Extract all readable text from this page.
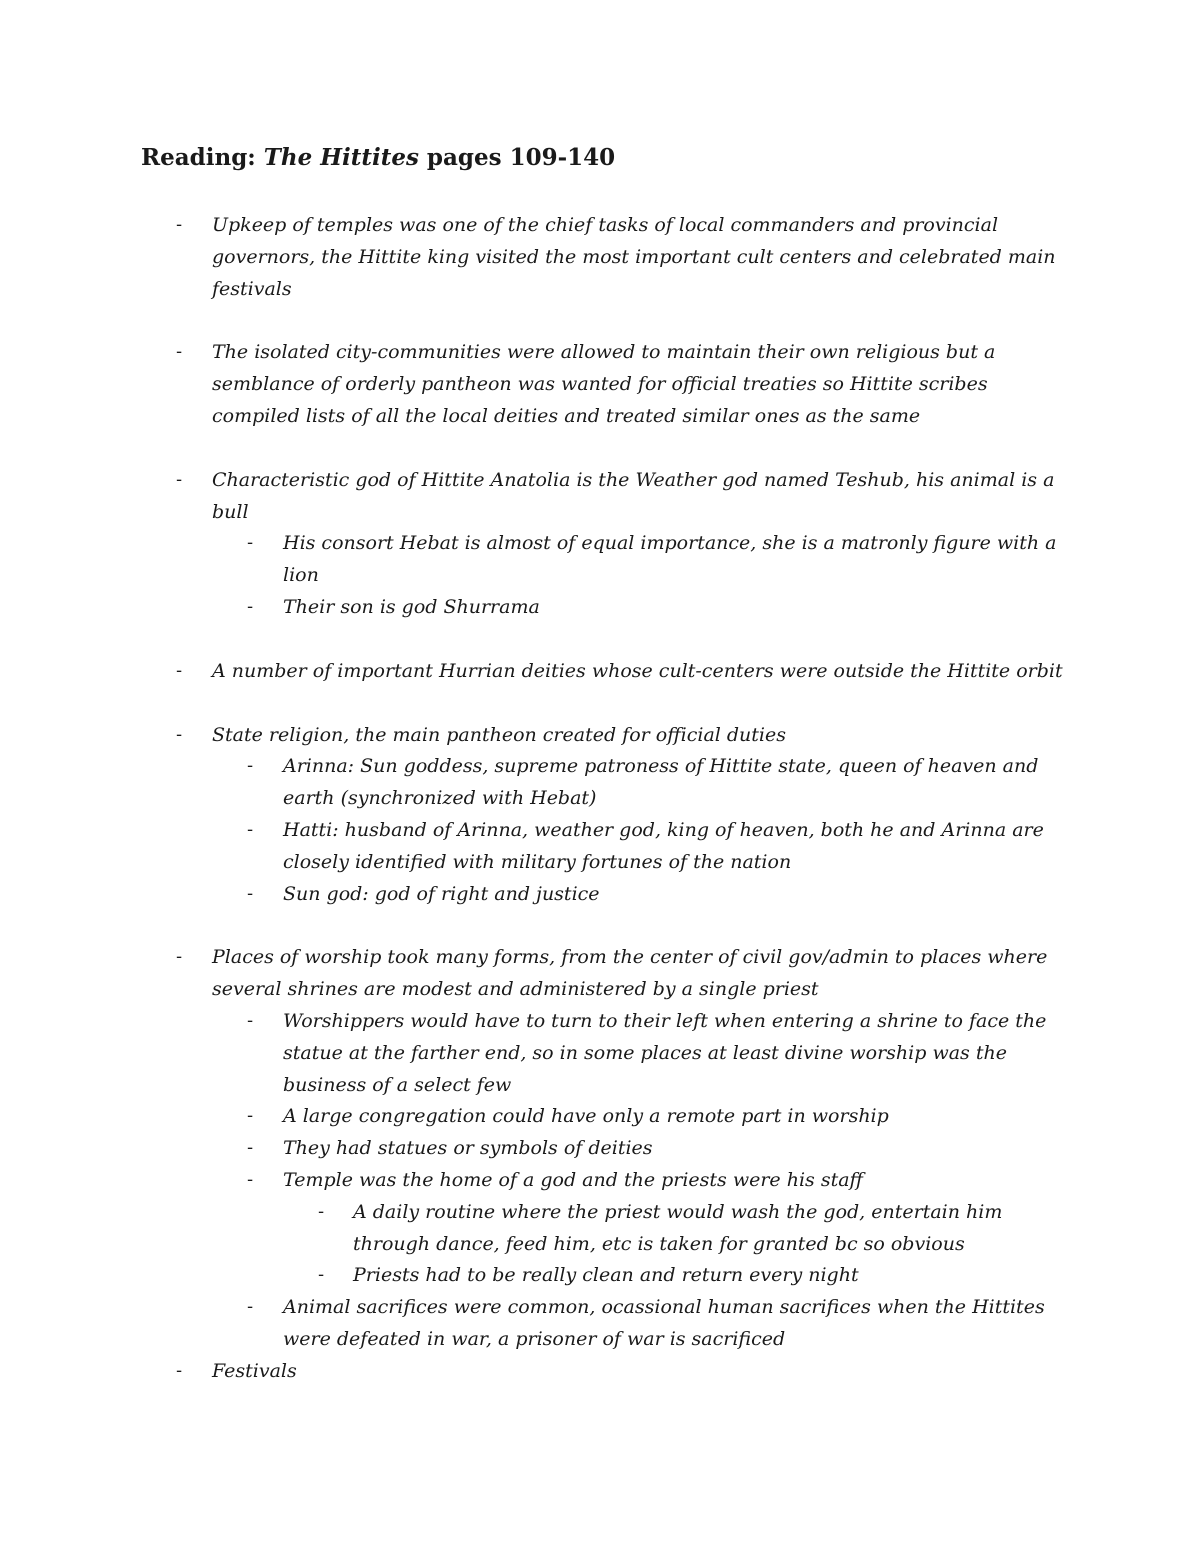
Reading: The Hittites pages 109-140
- Upkeep of temples was one of the chief tasks of local commanders and provincial governors, the Hittite king visited the most important cult centers and celebrated main festivals
- The isolated city-communities were allowed to maintain their own religious but a semblance of orderly pantheon was wanted for official treaties so Hittite scribes compiled lists of all the local deities and treated similar ones as the same
- Characteristic god of Hittite Anatolia is the Weather god named Teshub, his animal is a bull
- His consort Hebat is almost of equal importance, she is a matronly figure with a lion
- Their son is god Shurrama
- A number of important Hurrian deities whose cult-centers were outside the Hittite orbit
- State religion, the main pantheon created for official duties
- Arinna: Sun goddess, supreme patroness of Hittite state, queen of heaven and earth (synchronized with Hebat)
- Hatti: husband of Arinna, weather god, king of heaven, both he and Arinna are closely identified with military fortunes of the nation
- Sun god: god of right and justice
- Places of worship took many forms, from the center of civil gov/admin to places where several shrines are modest and administered by a single priest
- Worshippers would have to turn to their left when entering a shrine to face the statue at the farther end, so in some places at least divine worship was the business of a select few
- A large congregation could have only a remote part in worship
- They had statues or symbols of deities
- Temple was the home of a god and the priests were his staff
- A daily routine where the priest would wash the god, entertain him through dance, feed him, etc is taken for granted bc so obvious
- Priests had to be really clean and return every night
- Animal sacrifices were common, ocassional human sacrifices when the Hittites were defeated in war, a prisoner of war is sacrificed
- Festivals
